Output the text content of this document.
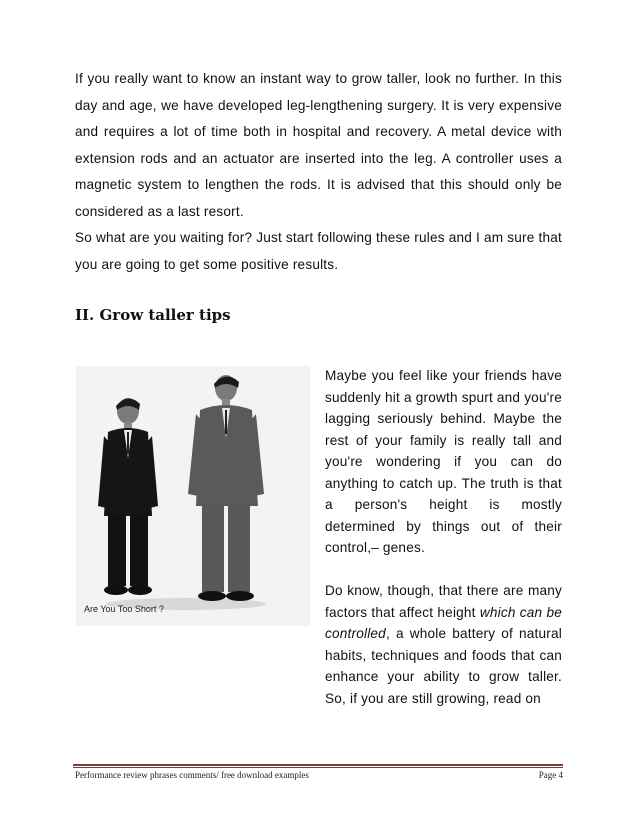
If you really want to know an instant way to grow taller, look no further. In this day and age, we have developed leg-lengthening surgery. It is very expensive and requires a lot of time both in hospital and recovery. A metal device with extension rods and an actuator are inserted into the leg. A controller uses a magnetic system to lengthen the rods. It is advised that this should only be considered as a last resort.

So what are you waiting for? Just start following these rules and I am sure that you are going to get some positive results.

II. Grow taller tips
Are You Too Short ?

Maybe you feel like your friends have suddenly hit a growth spurt and you're lagging seriously behind. Maybe the rest of your family is really tall and you're wondering if you can do anything to catch up. The truth is that a person's height is mostly determined by things out of their control,– genes.

Do know, though, that there are many factors that affect height which can be controlled, a whole battery of natural habits, techniques and foods that can enhance your ability to grow taller. So, if you are still growing, read on

Performance review phrases comments/ free download examples	Page 4
